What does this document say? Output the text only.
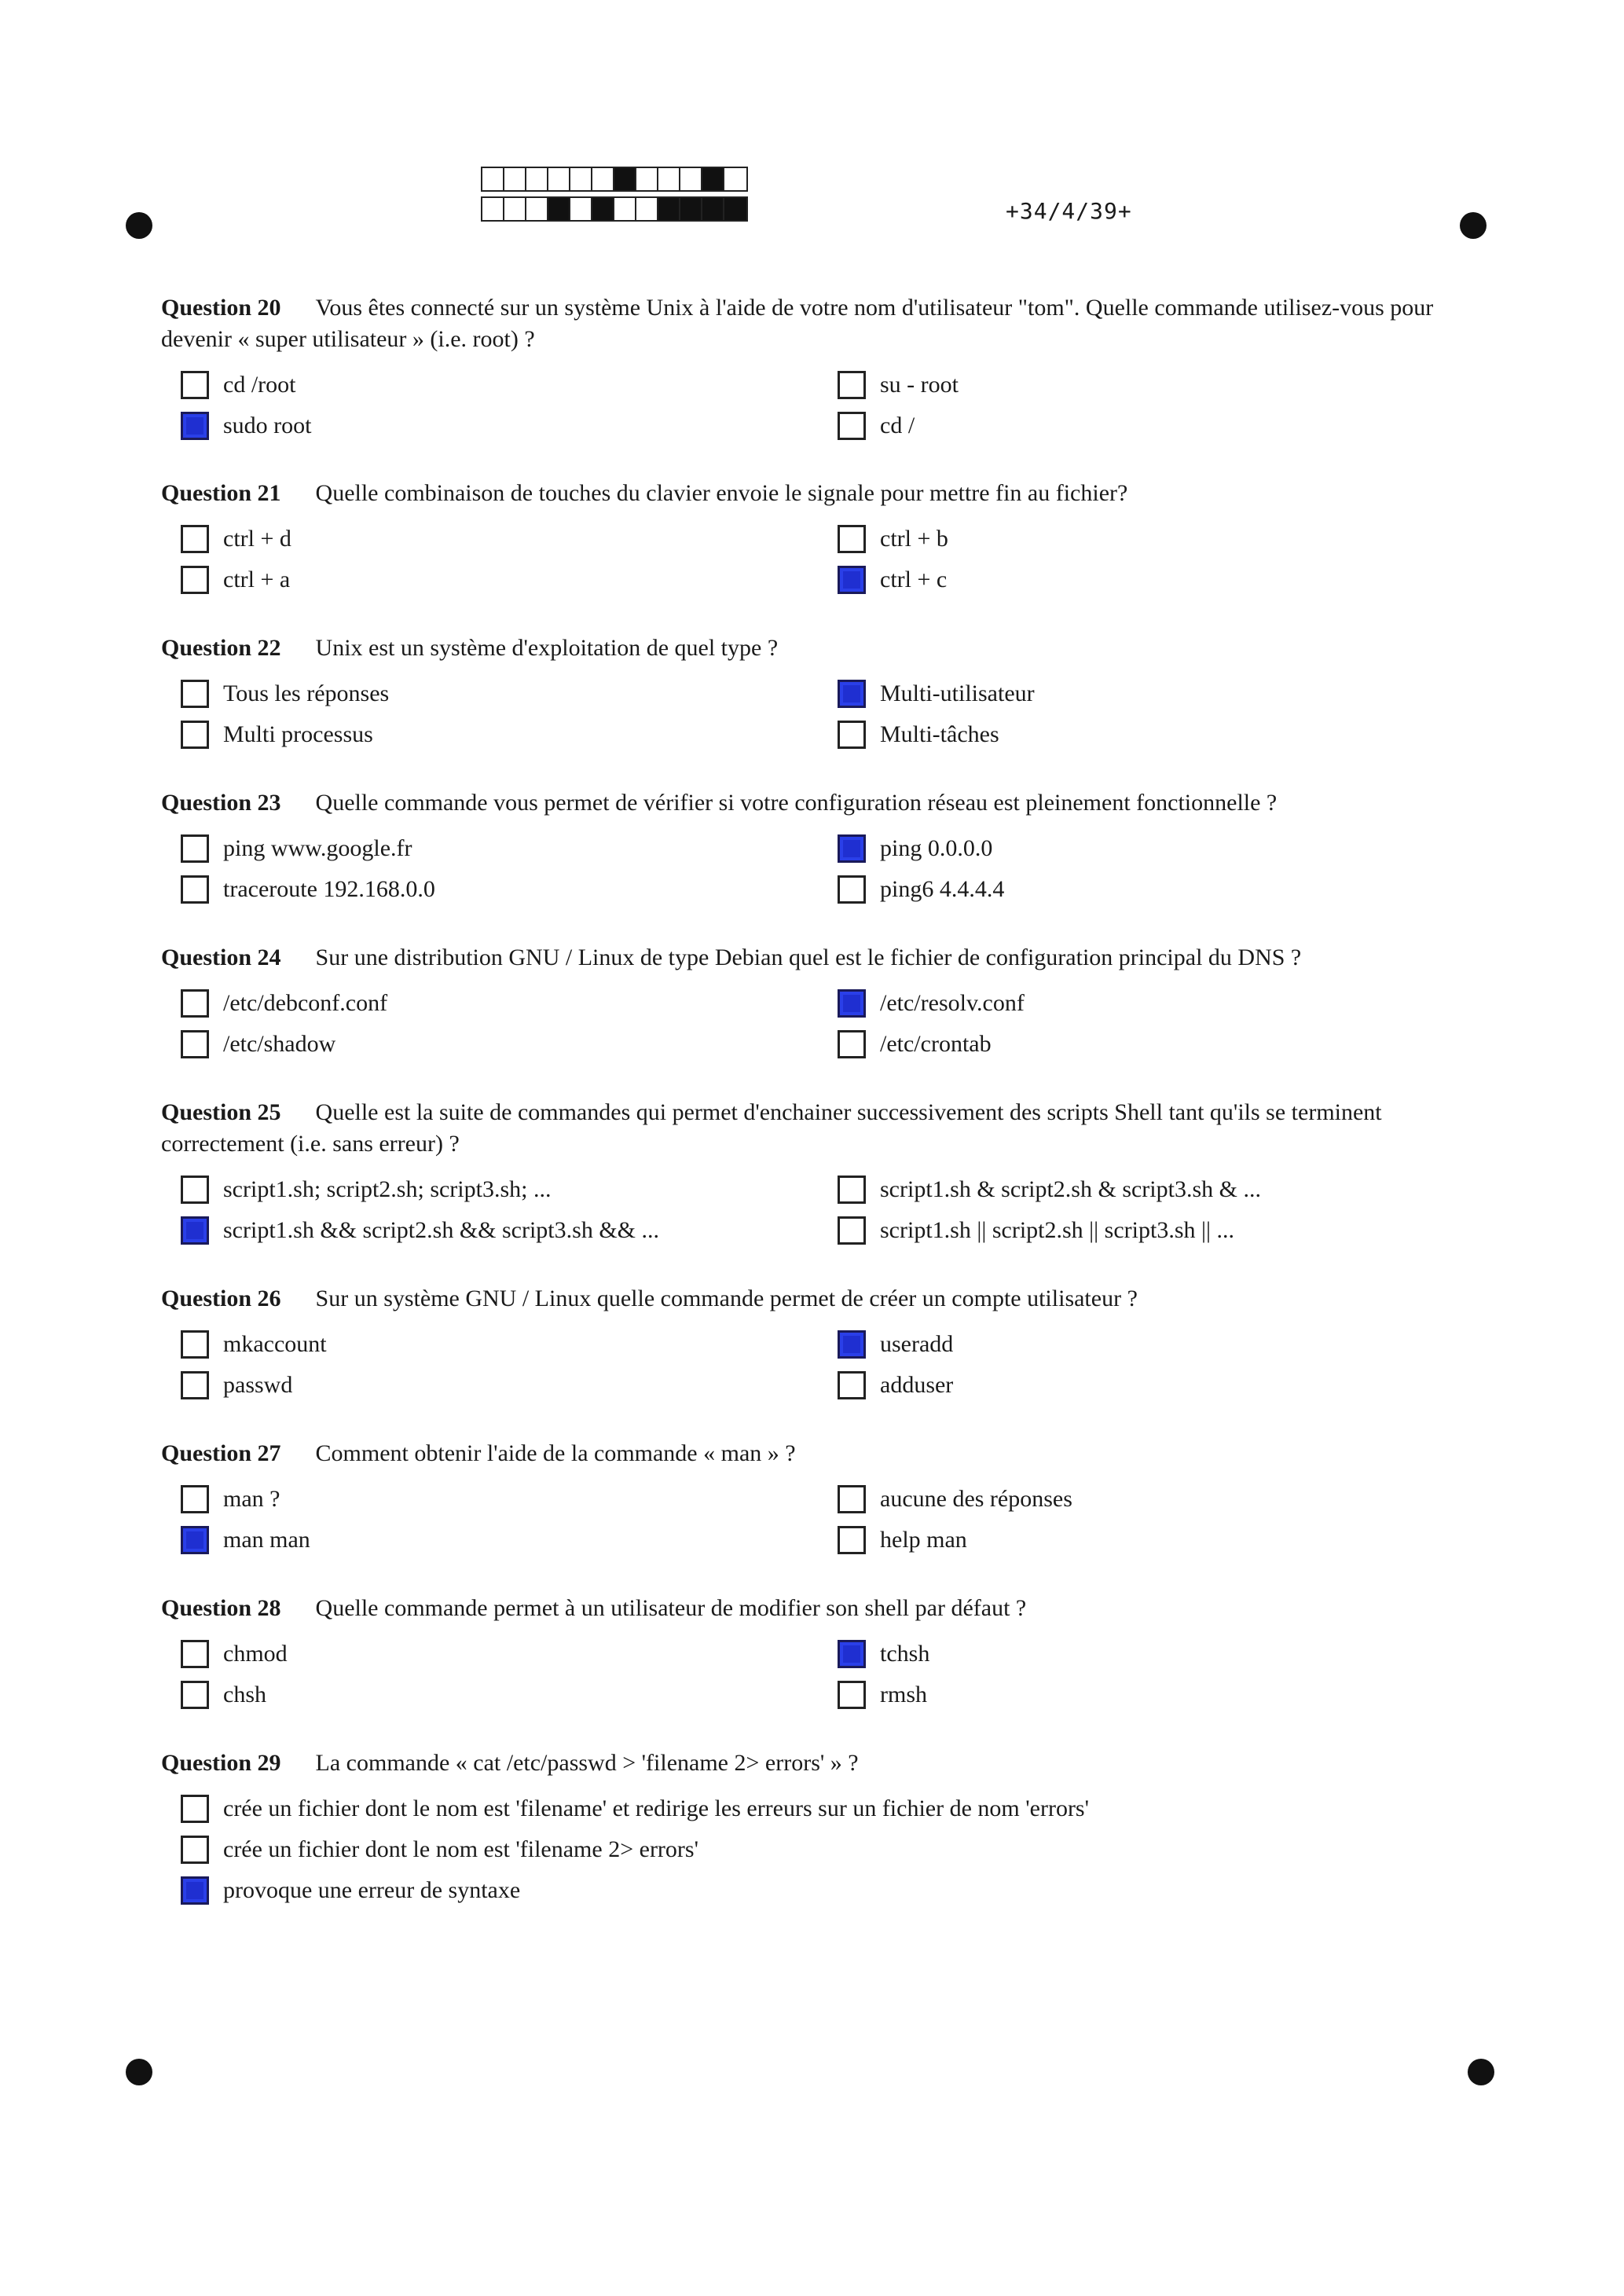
+34/4/39+

Question 20 Vous êtes connecté sur un système Unix à l'aide de votre nom d'utilisateur "tom". Quelle commande utilisez-vous pour devenir « super utilisateur » (i.e. root) ?

Question 21 Quelle combinaison de touches du clavier envoie le signale pour mettre fin au fichier?

Question 22 Unix est un système d'exploitation de quel type ?

Question 23 Quelle commande vous permet de vérifier si votre configuration réseau est pleinement fonctionnelle ?

Question 24 Sur une distribution GNU / Linux de type Debian quel est le fichier de configuration principal du DNS ?

Question 25 Quelle est la suite de commandes qui permet d'enchainer successivement des scripts Shell tant qu'ils se terminent correctement (i.e. sans erreur) ?

Question 26 Sur un système GNU / Linux quelle commande permet de créer un compte utilisateur ?

Question 27 Comment obtenir l'aide de la commande « man » ?

Question 28 Quelle commande permet à un utilisateur de modifier son shell par défaut ?

Question 29 La commande « cat /etc/passwd > 'filename 2> errors' » ?

cd /root	su - root
sudo root	cd /
ctrl + d	ctrl + b
ctrl + a	ctrl + c
Tous les réponses	Multi-utilisateur
Multi processus	Multi-tâches
ping www.google.fr	ping 0.0.0.0
traceroute 192.168.0.0	ping6 4.4.4.4
/etc/debconf.conf	/etc/resolv.conf
/etc/shadow	/etc/crontab
script1.sh; script2.sh; script3.sh; ...	script1.sh & script2.sh & script3.sh & ...
script1.sh && script2.sh && script3.sh && ...	script1.sh || script2.sh || script3.sh || ...
mkaccount	useradd
passwd	adduser
man ?	aucune des réponses
man man	help man
chmod	tchsh
chsh	rmsh
crée un fichier dont le nom est 'filename' et redirige les erreurs sur un fichier de nom 'errors'
crée un fichier dont le nom est 'filename 2> errors'
provoque une erreur de syntaxe
